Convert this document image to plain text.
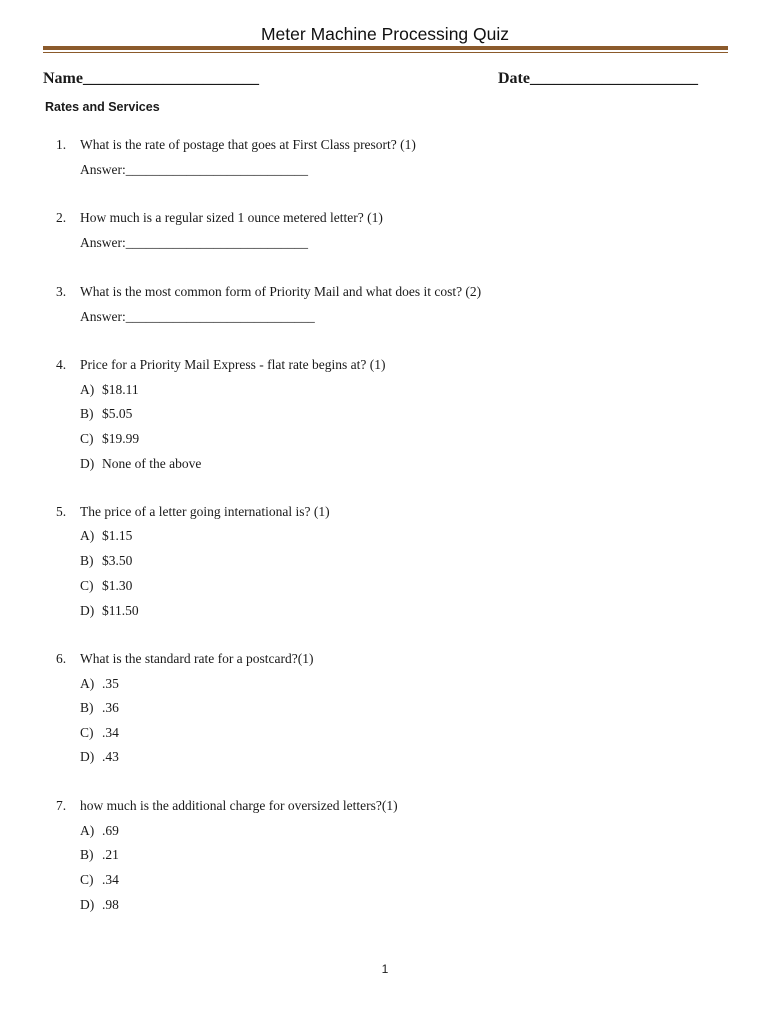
Meter Machine Processing Quiz
Name______________________	Date_____________________
Rates and Services
1. What is the rate of postage that goes at First Class presort? (1)
Answer:___________________________
2. How much is a regular sized 1 ounce metered letter? (1)
Answer:___________________________
3. What is the most common form of Priority Mail and what does it cost? (2)
Answer:____________________________
4. Price for a Priority Mail Express - flat rate begins at? (1)
A) $18.11
B) $5.05
C) $19.99
D) None of the above
5. The price of a letter going international is? (1)
A) $1.15
B) $3.50
C) $1.30
D) $11.50
6. What is the standard rate for a postcard?(1)
A) .35
B) .36
C) .34
D) .43
7. how much is the additional charge for oversized letters?(1)
A) .69
B) .21
C) .34
D) .98
1
